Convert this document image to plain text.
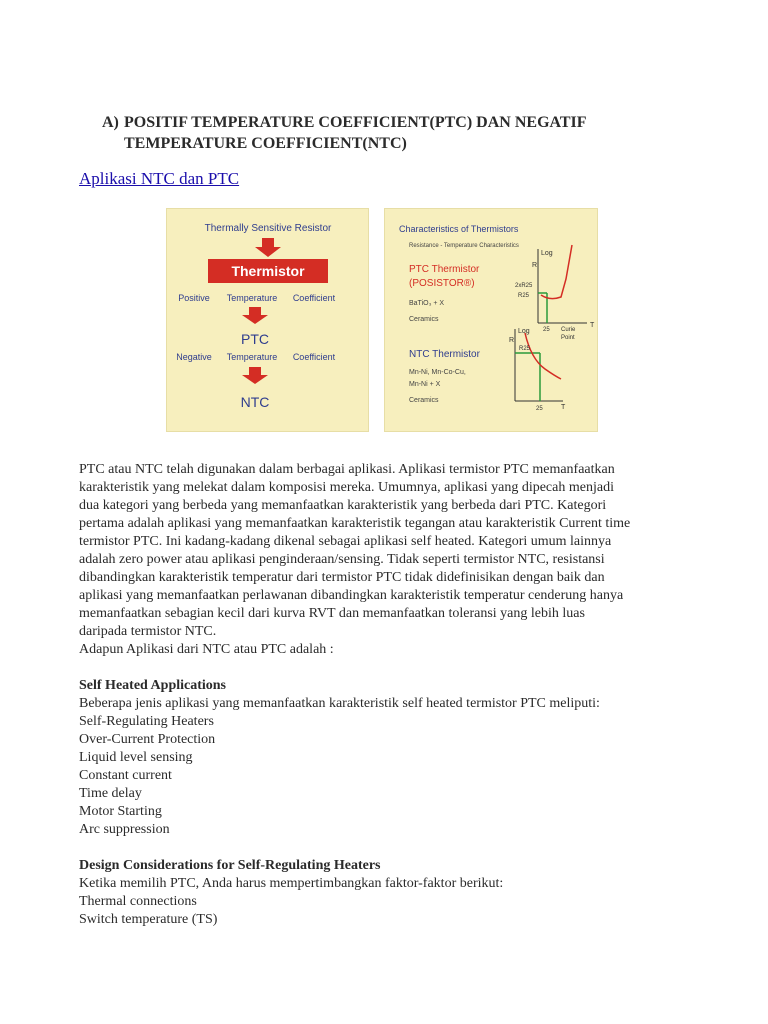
A) POSITIF TEMPERATURE COEFFICIENT(PTC) DAN NEGATIF
TEMPERATURE COEFFICIENT(NTC)
Aplikasi NTC dan PTC
Thermally Sensitive Resistor
Thermistor
Positive Temperature Coefficient
PTC
Negative Temperature Coefficient
NTC
Characteristics of Thermistors
Resistance - Temperature Characteristics
PTC Thermistor
(POSISTOR®)
BaTiO₃ + X
Ceramics
Log
R
2xR25
R25
25 Curie
Point
T
NTC Thermistor
Mn-Ni, Mn-Co-Cu,
Mn-Ni + X
Ceramics
Log
R
R25
25	T

PTC atau NTC telah digunakan dalam berbagai aplikasi. Aplikasi termistor PTC memanfaatkan

karakteristik yang melekat dalam komposisi mereka. Umumnya, aplikasi yang dipecah menjadi

dua kategori yang berbeda yang memanfaatkan karakteristik yang berbeda dari PTC. Kategori

pertama adalah aplikasi yang memanfaatkan karakteristik tegangan atau karakteristik Current time

termistor PTC. Ini kadang-kadang dikenal sebagai aplikasi self heated. Kategori umum lainnya

adalah zero power atau aplikasi penginderaan/sensing. Tidak seperti termistor NTC, resistansi

dibandingkan karakteristik temperatur dari termistor PTC tidak didefinisikan dengan baik dan

aplikasi yang memanfaatkan perlawanan dibandingkan karakteristik temperatur cenderung hanya

memanfaatkan sebagian kecil dari kurva RVT dan memanfaatkan toleransi yang lebih luas

daripada termistor NTC.

Adapun Aplikasi dari NTC atau PTC adalah :

Self Heated Applications

Beberapa jenis aplikasi yang memanfaatkan karakteristik self heated termistor PTC meliputi:

Self-Regulating Heaters

Over-Current Protection

Liquid level sensing

Constant current

Time delay

Motor Starting

Arc suppression

Design Considerations for Self-Regulating Heaters

Ketika memilih PTC, Anda harus mempertimbangkan faktor-faktor berikut:

Thermal connections

Switch temperature (TS)
